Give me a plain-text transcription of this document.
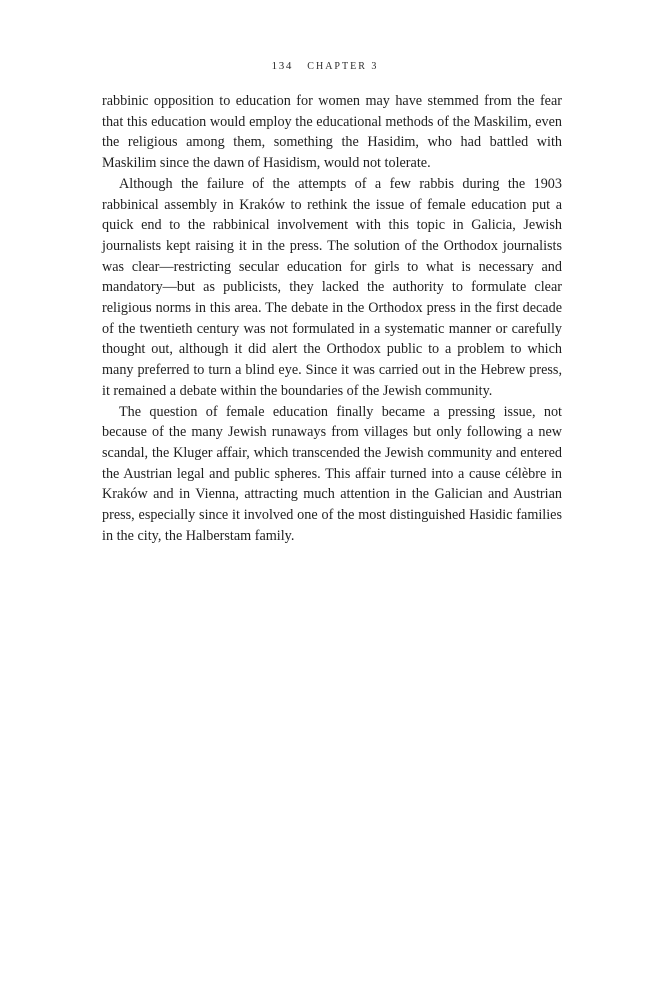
134 CHAPTER 3

rabbinic opposition to education for women may have stemmed from the fear that this education would employ the educational methods of the Maskilim, even the religious among them, something the Hasidim, who had battled with Maskilim since the dawn of Hasidism, would not tolerate.

Although the failure of the attempts of a few rabbis during the 1903 rabbinical assembly in Kraków to rethink the issue of female education put a quick end to the rabbinical involvement with this topic in Galicia, Jewish journalists kept raising it in the press. The solution of the Orthodox journalists was clear—restricting secular education for girls to what is necessary and mandatory—but as publicists, they lacked the authority to formulate clear religious norms in this area. The debate in the Orthodox press in the first decade of the twentieth century was not formulated in a systematic manner or carefully thought out, although it did alert the Orthodox public to a problem to which many preferred to turn a blind eye. Since it was carried out in the Hebrew press, it remained a debate within the boundaries of the Jewish community.

The question of female education finally became a pressing issue, not because of the many Jewish runaways from villages but only following a new scandal, the Kluger affair, which transcended the Jewish community and entered the Austrian legal and public spheres. This affair turned into a cause célèbre in Kraków and in Vienna, attracting much attention in the Galician and Austrian press, especially since it involved one of the most distinguished Hasidic families in the city, the Halberstam family.
